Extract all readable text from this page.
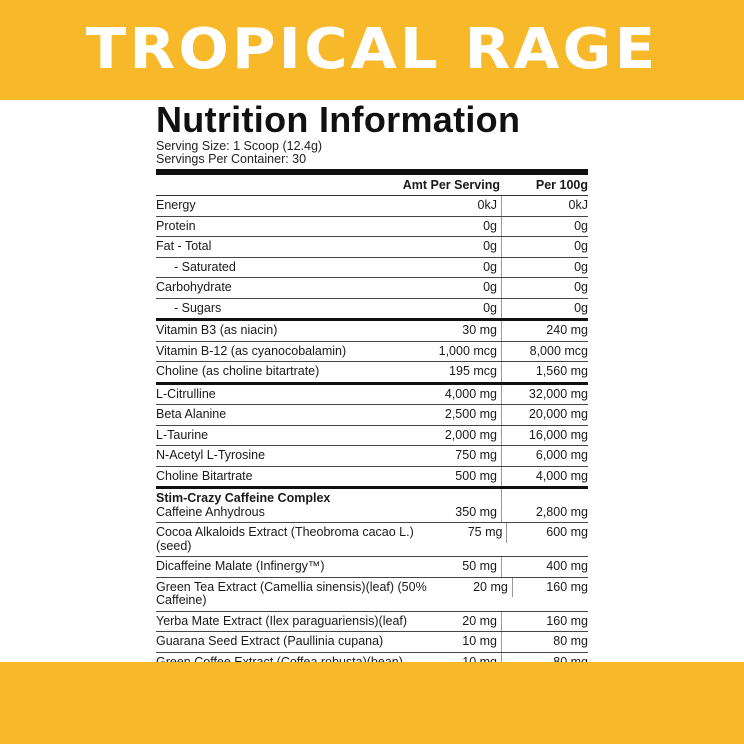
TROPICAL RAGE
Nutrition Information
Serving Size: 1 Scoop (12.4g)
Servings Per Container: 30
Amt Per Serving	Per 100g
Energy	0kJ	0kJ
Protein	0g	0g
Fat - Total	0g	0g
- Saturated	0g	0g
Carbohydrate	0g	0g
- Sugars	0g	0g
Vitamin B3 (as niacin)	30 mg	240 mg
Vitamin B-12 (as cyanocobalamin)	1,000 mcg	8,000 mcg
Choline (as choline bitartrate)	195 mcg	1,560 mg
L-Citrulline	4,000 mg	32,000 mg
Beta Alanine	2,500 mg	20,000 mg
L-Taurine	2,000 mg	16,000 mg
N-Acetyl L-Tyrosine	750 mg	6,000 mg
Choline Bitartrate	500 mg	4,000 mg
Stim-Crazy Caffeine Complex
Caffeine Anhydrous	350 mg	2,800 mg
Cocoa Alkaloids Extract (Theobroma cacao L.)(seed)
75 mg	600 mg
Dicaffeine Malate (Infinergy™)	50 mg	400 mg
Green Tea Extract (Camellia sinensis)(leaf) (50% Caffeine)
20 mg	160 mg
Yerba Mate Extract (Ilex paraguariensis)(leaf)	20 mg	160 mg
Guarana Seed Extract (Paullinia cupana)	10 mg	80 mg
